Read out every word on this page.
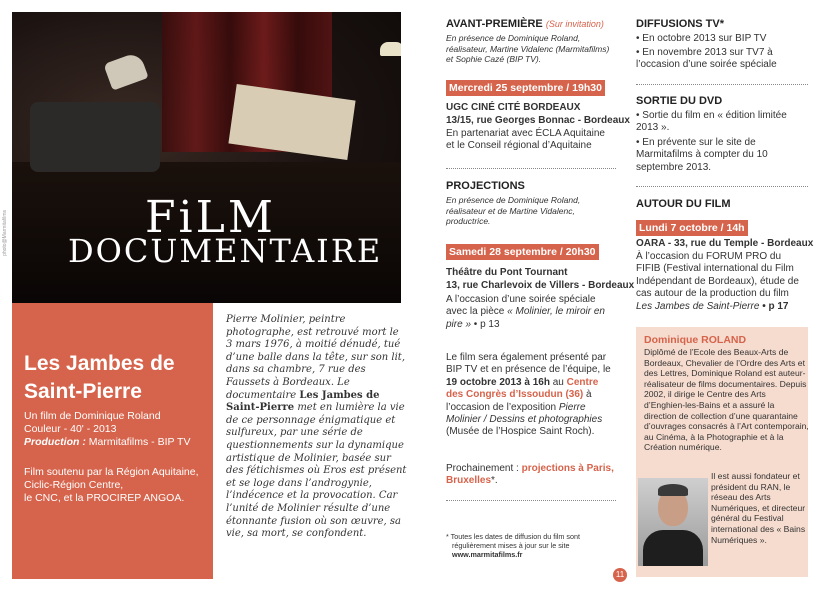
photo@Marmitafilms	FiLM
DOCUMENTAIRE
Les Jambes de
Saint-Pierre
Un film de Dominique Roland
Couleur - 40' - 2013
Production : Marmitafilms - BIP TV
Film soutenu par la Région Aquitaine,
Ciclic-Région Centre,
le CNC, et la PROCIREP ANGOA.
Pierre Molinier, peintre photographe, est retrouvé mort le 3 mars 1976, à moitié dénudé, tué d’une balle dans la tête, sur son lit, dans sa chambre, 7 rue des Faussets à Bordeaux. Le documentaire Les Jambes de Saint-Pierre met en lumière la vie de ce personnage énigmatique et sulfureux, par une série de questionnements sur la dynamique artistique de Molinier, basée sur des fétichismes où Eros est présent et se loge dans l’androgynie, l’indécence et la provocation. Car l’unité de Molinier résulte d’une étonnante fusion où son œuvre, sa vie, sa mort, se confondent.
AVANT-PREMIÈRE (Sur invitation)
En présence de Dominique Roland, réalisateur, Martine Vidalenc (Marmitafilms) et Sophie Cazé (BIP TV).
Mercredi 25 septembre / 19h30
UGC CINÉ CITÉ BORDEAUX
13/15, rue Georges Bonnac - Bordeaux
En partenariat avec ÉCLA Aquitaine et le Conseil régional d’Aquitaine
PROJECTIONS
En présence de Dominique Roland, réalisateur et de Martine Vidalenc, productrice.
Samedi 28 septembre / 20h30
Théâtre du Pont Tournant
13, rue Charlevoix de Villers - Bordeaux
A l’occasion d’une soirée spéciale avec la pièce « Molinier, le miroir en pire » • p 13
Le film sera également présenté par BIP TV et en présence de l’équipe, le 19 octobre 2013 à 16h au Centre des Congrès d’Issoudun (36) à l’occasion de l’exposition Pierre Molinier / Dessins et photographies (Musée de l’Hospice Saint Roch).
Prochainement : projections à Paris, Bruxelles*.
* Toutes les dates de diffusion du film sont
régulièrement mises à jour sur le site
www.marmitafilms.fr
DIFFUSIONS TV*
• En octobre 2013 sur BIP TV
• En novembre 2013 sur TV7 à l’occasion d’une soirée spéciale
SORTIE DU DVD
• Sortie du film en « édition limitée 2013 ».
• En prévente sur le site de Marmitafilms à compter du 10 septembre 2013.
AUTOUR DU FILM
Lundi 7 octobre / 14h
OARA - 33, rue du Temple - Bordeaux
À l’occasion du FORUM PRO du FIFIB (Festival international du Film Indépendant de Bordeaux), étude de cas autour de la production du film Les Jambes de Saint-Pierre • p 17
Dominique ROLAND
Diplômé de l’Ecole des Beaux-Arts de Bordeaux, Chevalier de l’Ordre des Arts et des Lettres, Dominique Roland est auteur-réalisateur de films documentaires. Depuis 2002, il dirige le Centre des Arts d’Enghien-les-Bains et a assuré la direction de collection d’une quarantaine d’ouvrages consacrés à l’Art contemporain, au Cinéma, à la Photographie et à la Création numérique.
Il est aussi fondateur et président du RAN, le réseau des Arts Numériques, et directeur général du Festival international des « Bains Numériques ».
11
